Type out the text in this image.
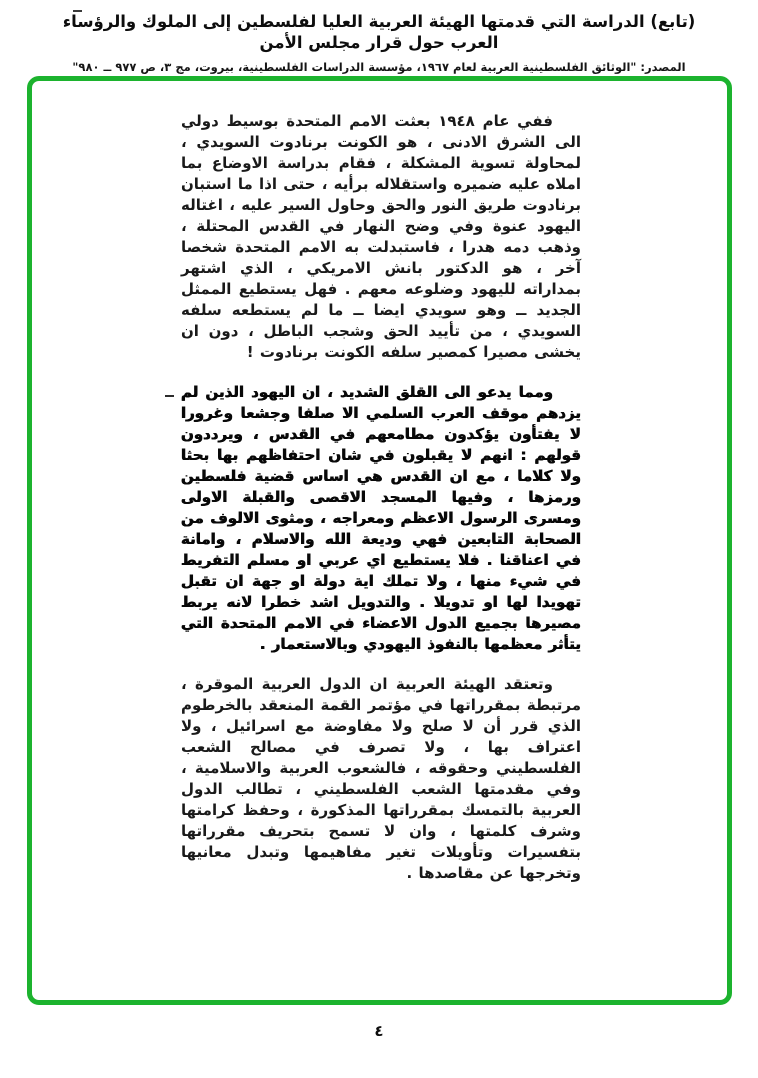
(تابع) الدراسة التي قدمتها الهيئة العربية العليا لفلسطين إلى الملوك والرؤساء العرب حول قرار مجلس الأمن
المصدر: "الوثائق الفلسطينية العربية لعام ١٩٦٧، مؤسسة الدراسات الفلسطينية، بيروت، مج ٣، ص ٩٧٧ ــ ٩٨٠"

ففي عام ١٩٤٨ بعثت الامم المتحدة بوسيط دولي الى الشرق الادنى ، هو الكونت برنادوت السويدي ، لمحاولة تسوية المشكلة ، فقام بدراسة الاوضاع بما املاه عليه ضميره واستقلاله برأيه ، حتى اذا ما استبان برنادوت طريق النور والحق وحاول السير عليه ، اغتاله اليهود عنوة وفي وضح النهار في القدس المحتلة ، وذهب دمه هدرا ، فاستبدلت به الامم المتحدة شخصا آخر ، هو الدكتور بانش الامريكي ، الذي اشتهر بمداراته لليهود وضلوعه معهم . فهل يستطيع الممثل الجديد ــ وهو سويدي ايضا ــ ما لم يستطعه سلفه السويدي ، من تأييد الحق وشجب الباطل ، دون ان يخشى مصيرا كمصير سلفه الكونت برنادوت !

ومما يدعو الى القلق الشديد ، ان اليهود الذين لم يزدهم موقف العرب السلمي الا صلفا وجشعا وغرورا لا يفتأون يؤكدون مطامعهم في القدس ، ويرددون قولهم : انهم لا يقبلون في شان احتفاظهم بها بحثا ولا كلاما ، مع ان القدس هي اساس قضية فلسطين ورمزها ، وفيها المسجد الاقصى والقبلة الاولى ومسرى الرسول الاعظم ومعراجه ، ومثوى الالوف من الصحابة التابعين فهي وديعة الله والاسلام ، وامانة في اعناقنا . فلا يستطيع اي عربي او مسلم التفريط في شيء منها ، ولا تملك اية دولة او جهة ان تقبل تهويدا لها او تدويلا . والتدويل اشد خطرا لانه يربط مصيرها بجميع الدول الاعضاء في الامم المتحدة التي يتأثر معظمها بالنفوذ اليهودي وبالاستعمار .

وتعتقد الهيئة العربية ان الدول العربية الموقرة ، مرتبطة بمقرراتها في مؤتمر القمة المنعقد بالخرطوم الذي قرر أن لا صلح ولا مفاوضة مع اسرائيل ، ولا اعتراف بها ، ولا تصرف في مصالح الشعب الفلسطيني وحقوقه ، فالشعوب العربية والاسلامية ، وفي مقدمتها الشعب الفلسطيني ، تطالب الدول العربية بالتمسك بمقرراتها المذكورة ، وحفظ كرامتها وشرف كلمتها ، وان لا تسمح بتحريف مقرراتها بتفسيرات وتأويلات تغير مفاهيمها وتبدل معانيها وتخرجها عن مقاصدها .

٤
